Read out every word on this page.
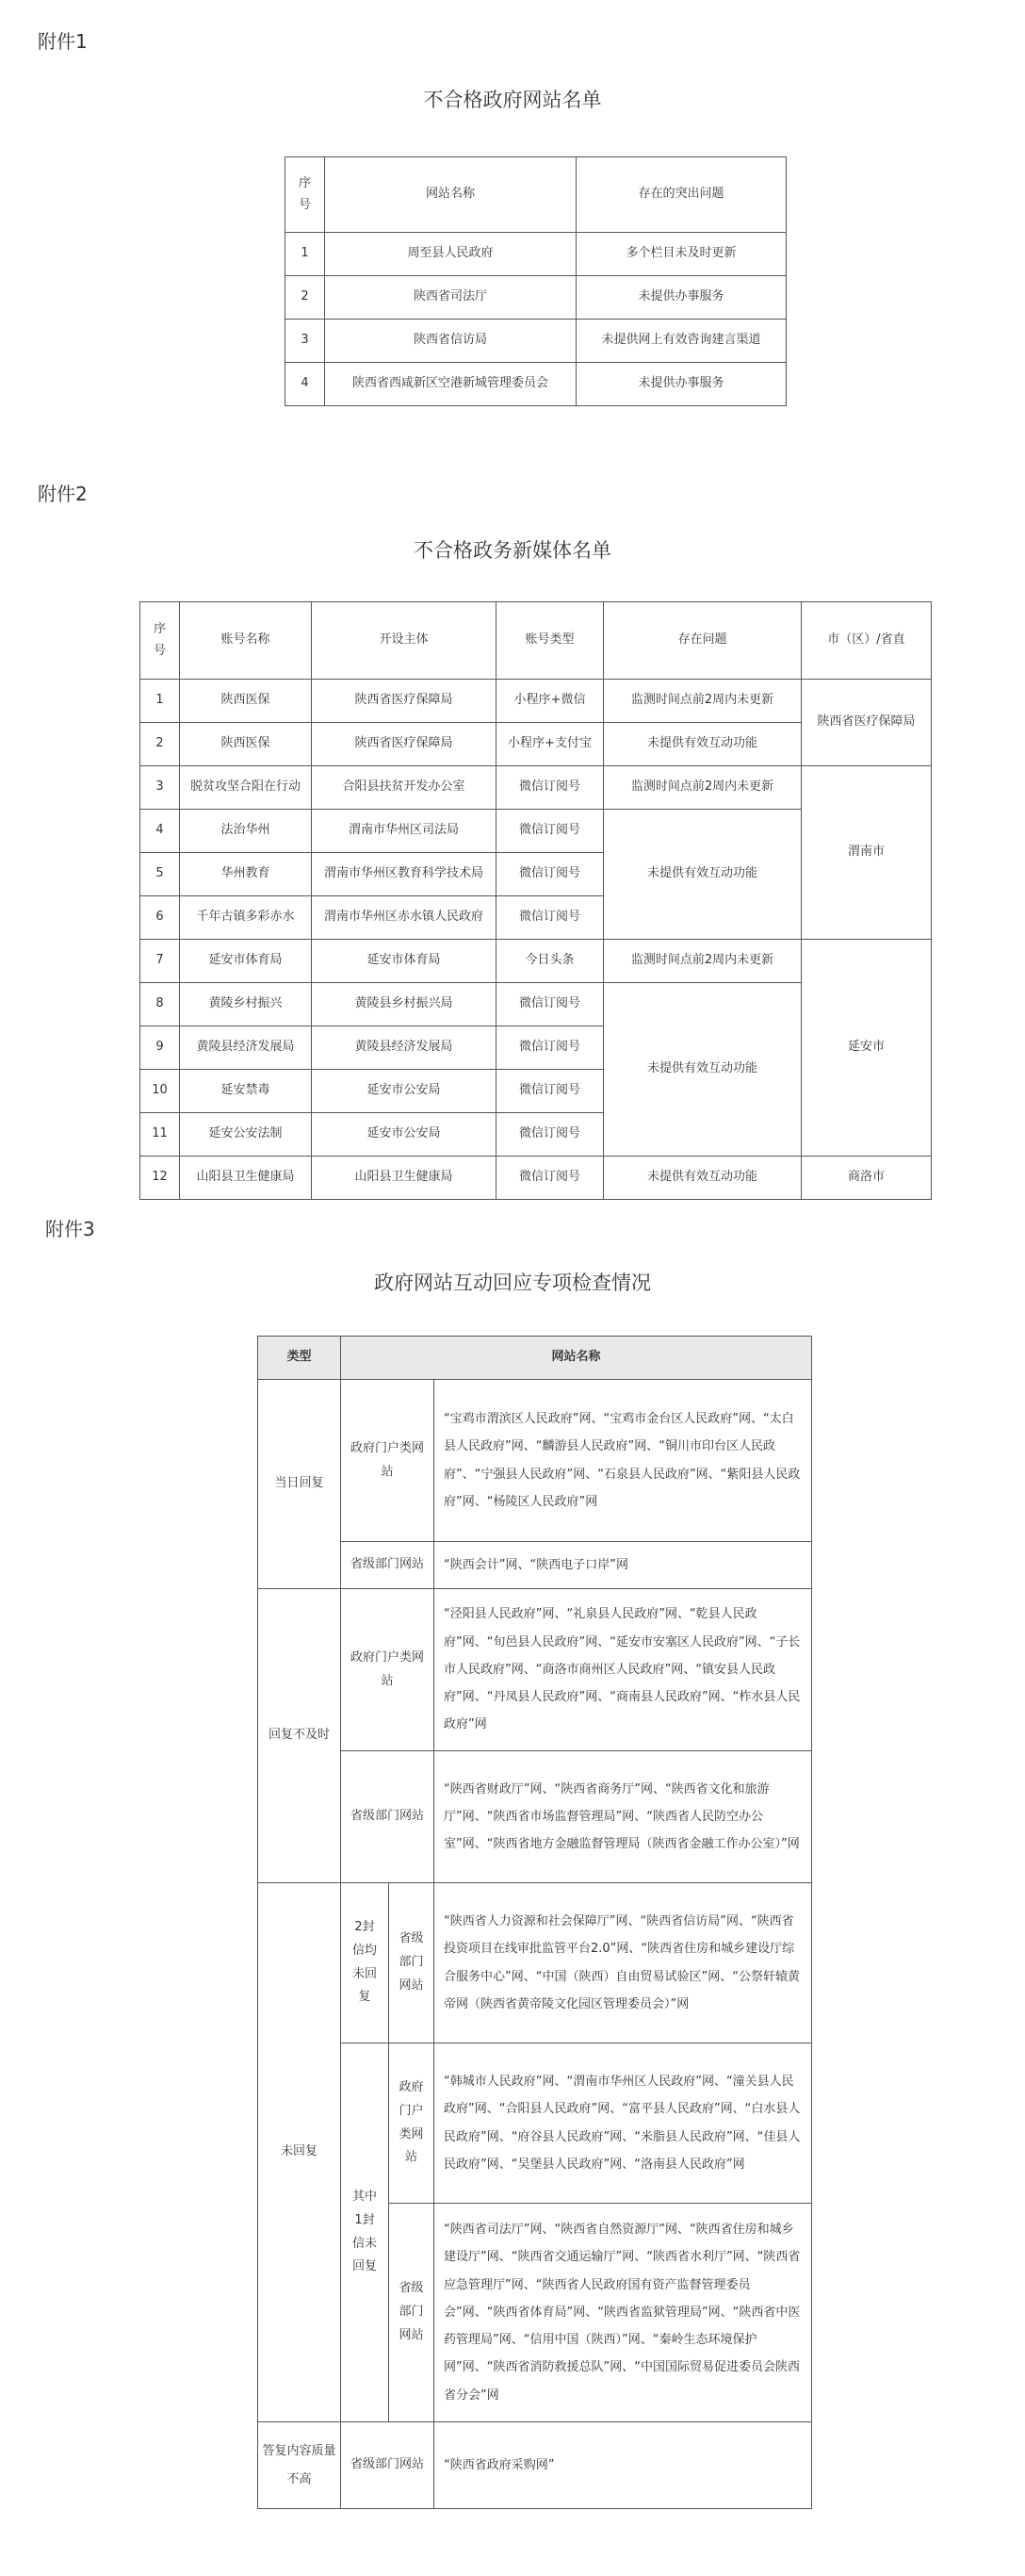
附件1
不合格政府网站名单
序号	网站名称	存在的突出问题
1	周至县人民政府	多个栏目未及时更新
2	陕西省司法厅	未提供办事服务
3	陕西省信访局	未提供网上有效咨询建言渠道
4	陕西省西咸新区空港新城管理委员会	未提供办事服务
附件2
不合格政务新媒体名单
序号	账号名称	开设主体	账号类型	存在问题	市（区）/省直
1	陕西医保	陕西省医疗保障局	小程序+微信	监测时间点前2周内未更新	陕西省医疗保障局
2	陕西医保	陕西省医疗保障局	小程序+支付宝	未提供有效互动功能	
3	脱贫攻坚合阳在行动	合阳县扶贫开发办公室	微信订阅号	监测时间点前2周内未更新	渭南市
4	法治华州	渭南市华州区司法局	微信订阅号	未提供有效互动功能	
5	华州教育	渭南市华州区教育科学技术局	微信订阅号		
6	千年古镇多彩赤水	渭南市华州区赤水镇人民政府	微信订阅号		
7	延安市体育局	延安市体育局	今日头条	监测时间点前2周内未更新	延安市
8	黄陵乡村振兴	黄陵县乡村振兴局	微信订阅号	未提供有效互动功能	
9	黄陵县经济发展局	黄陵县经济发展局	微信订阅号		
10	延安禁毒	延安市公安局	微信订阅号		
11	延安公安法制	延安市公安局	微信订阅号		
12	山阳县卫生健康局	山阳县卫生健康局	微信订阅号	未提供有效互动功能	商洛市
附件3
政府网站互动回应专项检查情况
类型	网站名称		
当日回复	政府门户类网站		“宝鸡市渭滨区人民政府”网、“宝鸡市金台区人民政府”网、“太白县人民政府”网、“麟游县人民政府”网、“铜川市印台区人民政府”、“宁强县人民政府”网、“石泉县人民政府”网、“紫阳县人民政府”网、“杨陵区人民政府”网
	省级部门网站		“陕西会计”网、“陕西电子口岸”网
回复不及时	政府门户类网站		“泾阳县人民政府”网、“礼泉县人民政府”网、“乾县人民政府”网、“旬邑县人民政府”网、“延安市安塞区人民政府”网、“子长市人民政府”网、“商洛市商州区人民政府”网、“镇安县人民政府”网、“丹凤县人民政府”网、“商南县人民政府”网、“柞水县人民政府”网
	省级部门网站		“陕西省财政厅”网、“陕西省商务厅”网、“陕西省文化和旅游厅”网、“陕西省市场监督管理局”网、“陕西省人民防空办公室”网、“陕西省地方金融监督管理局（陕西省金融工作办公室）”网
未回复	2封信均未回复	省级部门网站	“陕西省人力资源和社会保障厅”网、“陕西省信访局”网、“陕西省投资项目在线审批监管平台2.0”网、“陕西省住房和城乡建设厅综合服务中心”网、“中国（陕西）自由贸易试验区”网、“公祭轩辕黄帝网（陕西省黄帝陵文化园区管理委员会）”网
	其中1封信未回复	政府门户类网站	“韩城市人民政府”网、“渭南市华州区人民政府”网、“潼关县人民政府”网、“合阳县人民政府”网、“富平县人民政府”网、“白水县人民政府”网、“府谷县人民政府”网、“米脂县人民政府”网、“佳县人民政府”网、“吴堡县人民政府”网、“洛南县人民政府”网
		省级部门网站	“陕西省司法厅”网、“陕西省自然资源厅”网、“陕西省住房和城乡建设厅”网、“陕西省交通运输厅”网、“陕西省水利厅”网、“陕西省应急管理厅”网、“陕西省人民政府国有资产监督管理委员会”网、“陕西省体育局”网、“陕西省监狱管理局”网、“陕西省中医药管理局”网、“信用中国（陕西）”网、“秦岭生态环境保护网”网、“陕西省消防救援总队”网、“中国国际贸易促进委员会陕西省分会”网
答复内容质量不高	省级部门网站		“陕西省政府采购网”
